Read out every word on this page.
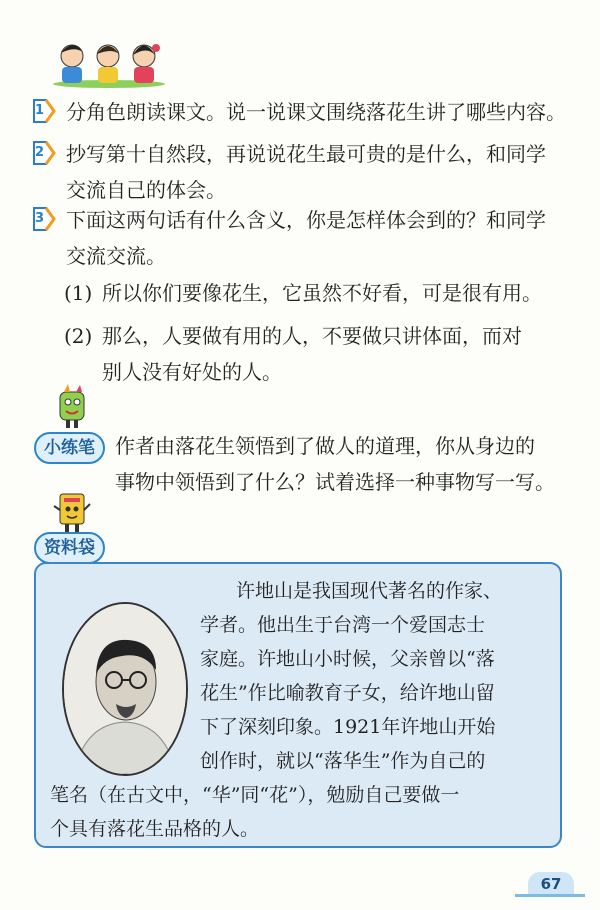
1 分角色朗读课文。说一说课文围绕落花生讲了哪些内容。
2 抄写第十自然段，再说说花生最可贵的是什么，和同学
交流自己的体会。
3 下面这两句话有什么含义，你是怎样体会到的？和同学
交流交流。
(1) 所以你们要像花生，它虽然不好看，可是很有用。
(2) 那么，人要做有用的人，不要做只讲体面，而对
别人没有好处的人。
小练笔	作者由落花生领悟到了做人的道理，你从身边的
事物中领悟到了什么？试着选择一种事物写一写。
资料袋
许地山是我国现代著名的作家、
学者。他出生于台湾一个爱国志士
家庭。许地山小时候，父亲曾以“落
花生”作比喻教育子女，给许地山留
下了深刻印象。1921年许地山开始
创作时，就以“落华生”作为自己的
笔名（在古文中，“华”同“花”），勉励自己要做一
个具有落花生品格的人。
67
